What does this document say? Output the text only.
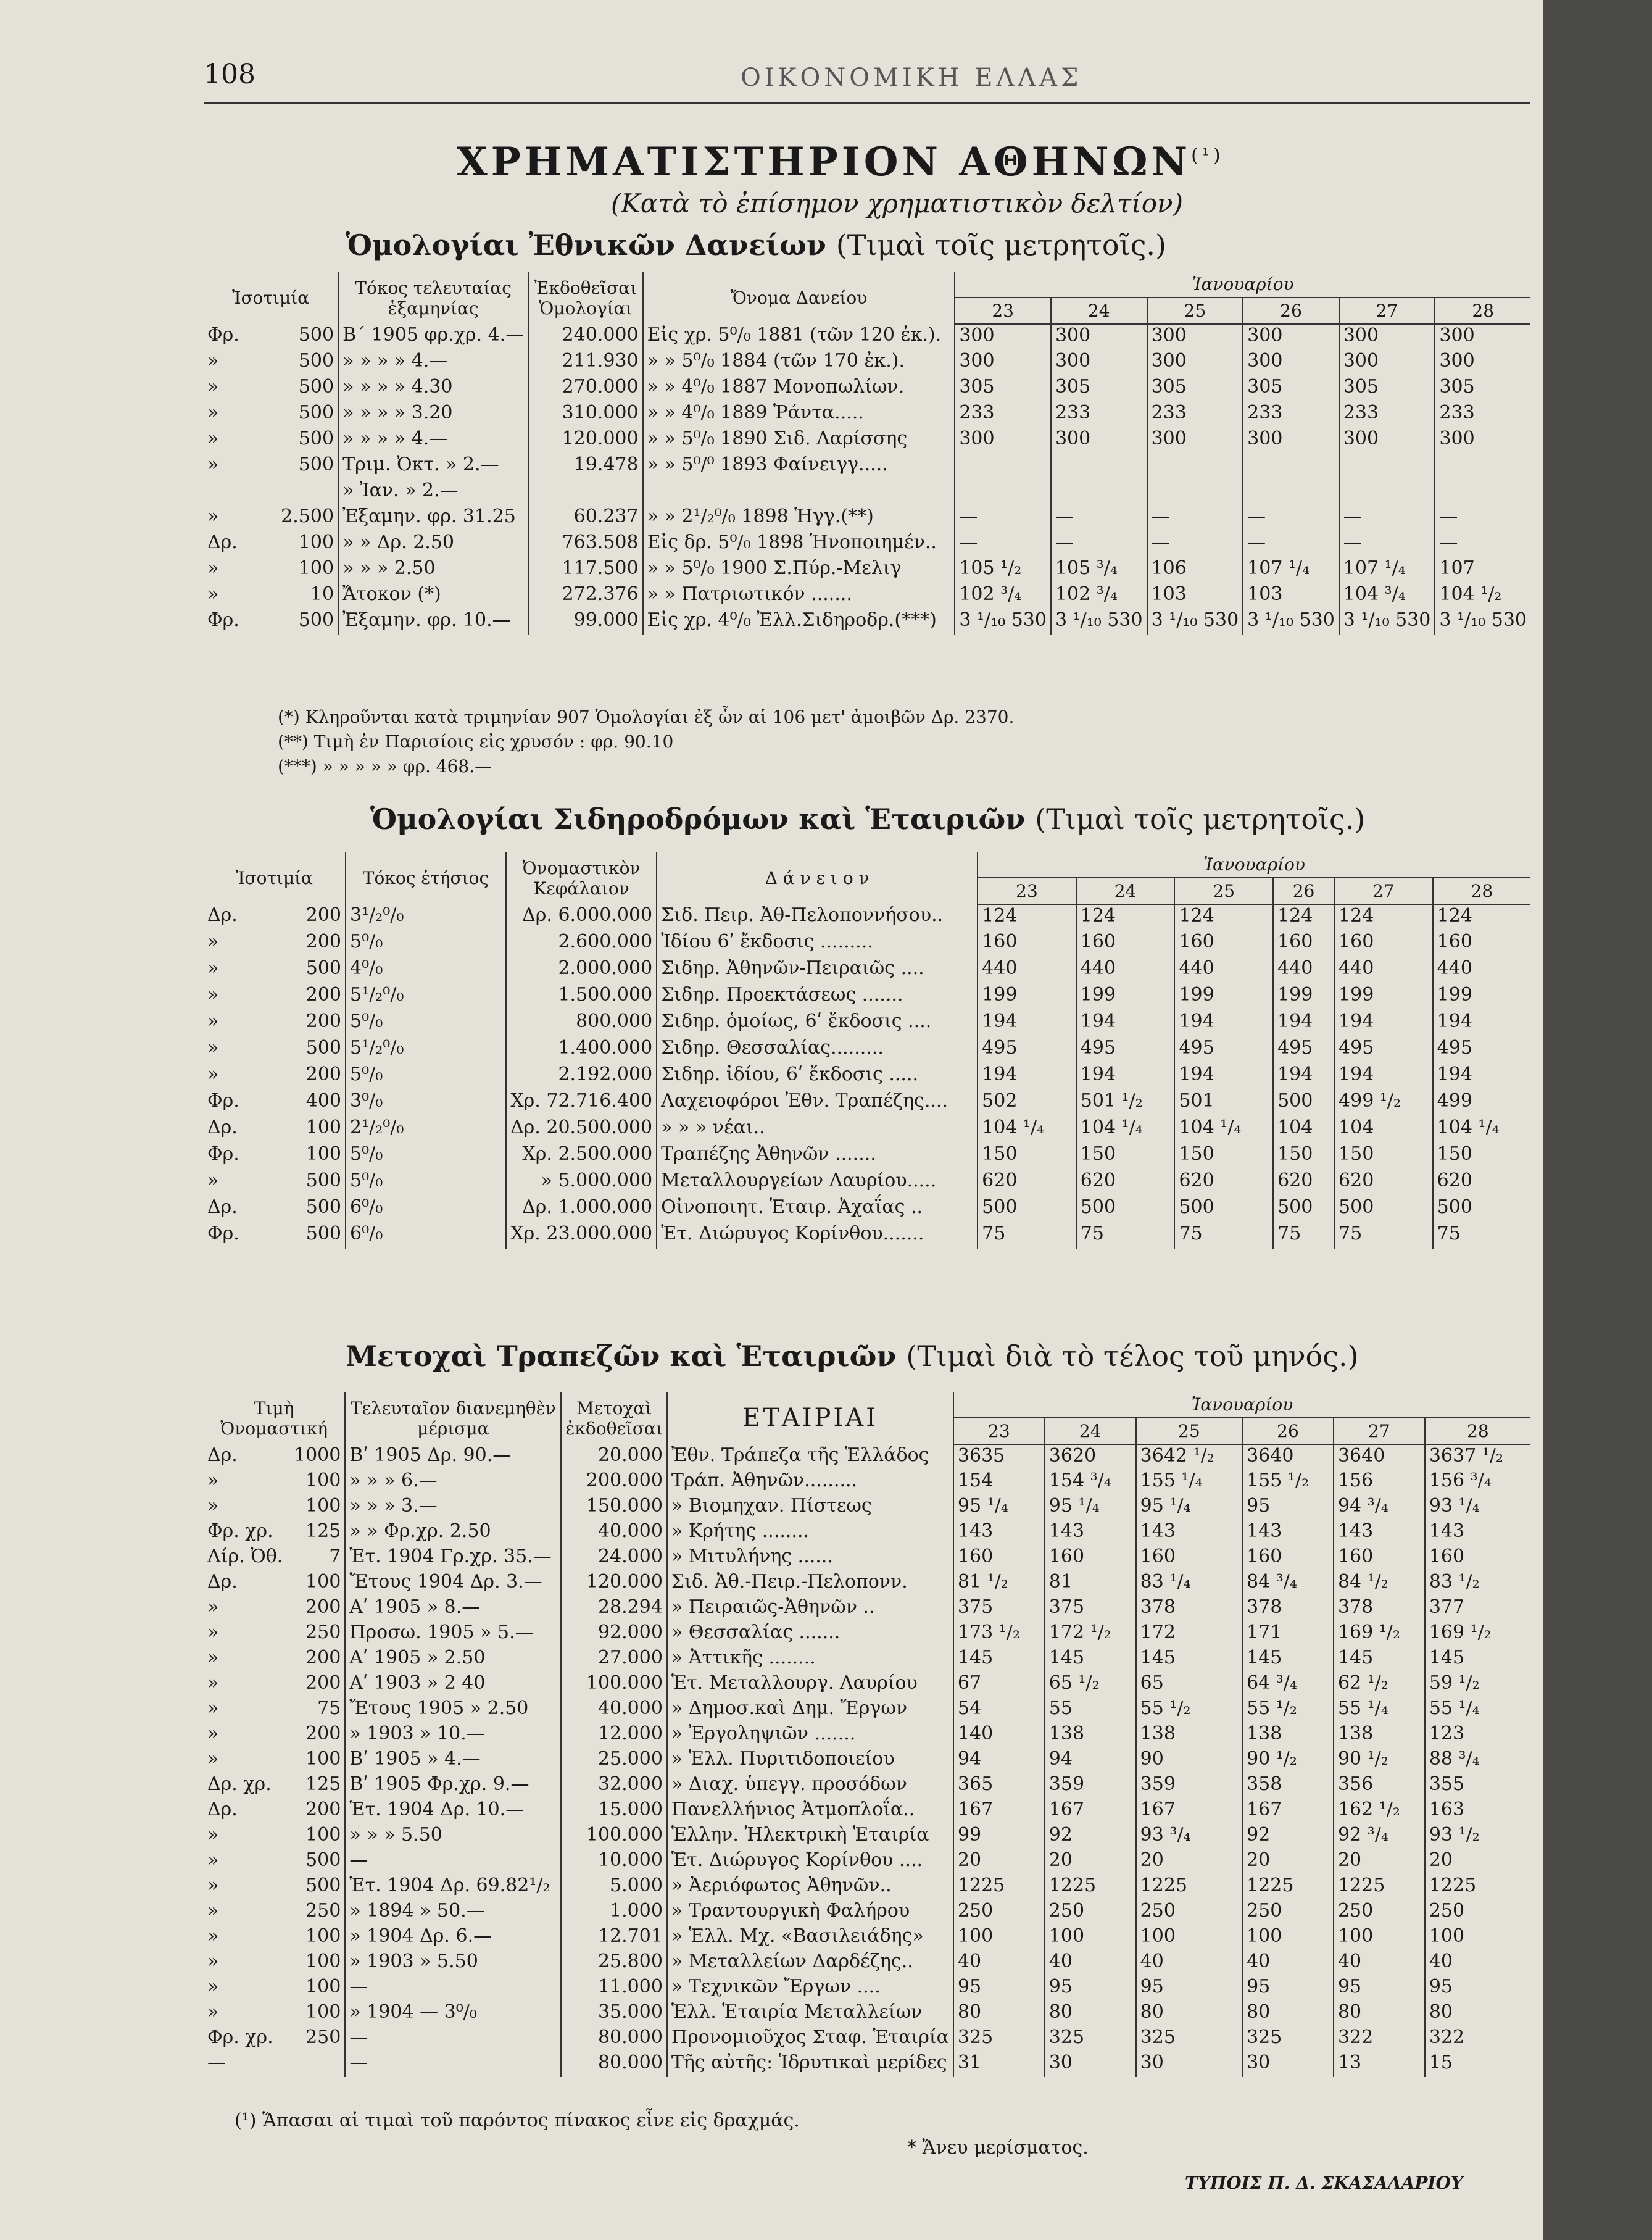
108	ΟΙΚΟΝΟΜΙΚΗ ΕΛΛΑΣ
ΧΡΗΜΑΤΙΣΤΗΡΙΟΝ $A\Theta HN\Omega N^{(^1)}$
(Κατὰ τὸ ἐπίσημον χρηματιστικὸν δελτίον)
Ὁμολογίαι Ἐθνικῶν Δανείων (Τιμαὶ τοῖς μετρητοῖς.)
Ἰσοτιμία		Τόκος τελευταίας ἑξαμηνίας	Ἐκδοθεῖσαι Ὁμολογίαι	Ὄνομα Δανείου	Ἰανουαρίου					
					23	24	25	26	27	28
Φρ.	500	Β΄ 1905 φρ.χρ. 4.—	240.000	Εἰς χρ. 5⁰/₀ 1881 (τῶν 120 ἐκ.).	300	300	300	300	300	300
»	500	» » » » 4.—	211.930	» » 5⁰/₀ 1884 (τῶν 170 ἐκ.).	300	300	300	300	300	300
»	500	» » » » 4.30	270.000	» » 4⁰/₀ 1887 Μονοπωλίων.	305	305	305	305	305	305
»	500	» » » » 3.20	310.000	» » 4⁰/₀ 1889 Ῥάντα.....	233	233	233	233	233	233
»	500	» » » » 4.—	120.000	» » 5⁰/₀ 1890 Σιδ. Λαρίσσης	300	300	300	300	300	300
»	500	Τριμ. Ὀκτ. » 2.—	19.478	» » 5⁰/⁰ 1893 Φαίνειγγ.....						
		» Ἰαν. » 2.—								
»	2.500	Ἐξαμην. φρ. 31.25	60.237	» » 2¹/₂⁰/₀ 1898 Ἡγγ.(**)	—	—	—	—	—	—
Δρ.	100	» » Δρ. 2.50	763.508	Εἰς δρ. 5⁰/₀ 1898 Ἡνοποιημέν..	—	—	—	—	—	—
»	100	» » » 2.50	117.500	» » 5⁰/₀ 1900 Σ.Πύρ.-Μελιγ	105 ¹/₂	105 ³/₄	106	107 ¹/₄	107 ¹/₄	107
»	10	Ἄτοκον (*)	272.376	» » Πατριωτικόν .......	102 ³/₄	102 ³/₄	103	103	104 ³/₄	104 ¹/₂
Φρ.	500	Ἐξαμην. φρ. 10.—	99.000	Εἰς χρ. 4⁰/₀ Ἐλλ.Σιδηροδρ.(***)	3 ¹/₁₀ 530	3 ¹/₁₀ 530	3 ¹/₁₀ 530	3 ¹/₁₀ 530	3 ¹/₁₀ 530	3 ¹/₁₀ 530
(*) Κληροῦνται κατὰ τριμηνίαν 907 Ὁμολογίαι ἐξ ὧν αἱ 106 μετ' ἀμοιβῶν Δρ. 2370.
(**) Τιμὴ ἐν Παρισίοις εἰς χρυσόν : φρ. 90.10
(***) » » » » » φρ. 468.—
Ὁμολογίαι Σιδηροδρόμων καὶ Ἑταιριῶν (Τιμαὶ τοῖς μετρητοῖς.)
Ἰσοτιμία		Τόκος ἐτήσιος	Ὀνομαστικὸν Κεφάλαιον	Δ ά ν ε ι ο ν	Ἰανουαρίου					
					23	24	25	26	27	28
Δρ.	200	3¹/₂⁰/₀	Δρ. 6.000.000	Σιδ. Πειρ. Ἀθ-Πελοποννήσου..	124	124	124	124	124	124
»	200	5⁰/₀	2.600.000	Ἰδίου 6ʹ ἔκδοσις .........	160	160	160	160	160	160
»	500	4⁰/₀	2.000.000	Σιδηρ. Ἀθηνῶν-Πειραιῶς ....	440	440	440	440	440	440
»	200	5¹/₂⁰/₀	1.500.000	Σιδηρ. Προεκτάσεως .......	199	199	199	199	199	199
»	200	5⁰/₀	800.000	Σιδηρ. ὁμοίως, 6ʹ ἔκδοσις ....	194	194	194	194	194	194
»	500	5¹/₂⁰/₀	1.400.000	Σιδηρ. Θεσσαλίας.........	495	495	495	495	495	495
»	200	5⁰/₀	2.192.000	Σιδηρ. ἰδίου, 6ʹ ἔκδοσις .....	194	194	194	194	194	194
Φρ.	400	3⁰/₀	Χρ. 72.716.400	Λαχειοφόροι Ἐθν. Τραπέζης....	502	501 ¹/₂	501	500	499 ¹/₂	499
Δρ.	100	2¹/₂⁰/₀	Δρ. 20.500.000	» » » νέαι..	104 ¹/₄	104 ¹/₄	104 ¹/₄	104	104	104 ¹/₄
Φρ.	100	5⁰/₀	Χρ. 2.500.000	Τραπέζης Ἀθηνῶν .......	150	150	150	150	150	150
»	500	5⁰/₀	» 5.000.000	Μεταλλουργείων Λαυρίου.....	620	620	620	620	620	620
Δρ.	500	6⁰/₀	Δρ. 1.000.000	Οἰνοποιητ. Ἑταιρ. Ἀχαΐας ..	500	500	500	500	500	500
Φρ.	500	6⁰/₀	Χρ. 23.000.000	Ἑτ. Διώρυγος Κορίνθου.......	75	75	75	75	75	75
Μετοχαὶ Τραπεζῶν καὶ Ἑταιριῶν (Τιμαὶ διὰ τὸ τέλος τοῦ μηνός.)
Τιμὴ Ὀνομαστική		Τελευταῖον διανεμηθὲν μέρισμα	Μετοχαὶ ἐκδοθεῖσαι	ΕΤΑΙΡΙΑΙ	Ἰανουαρίου					
					23	24	25	26	27	28
Δρ.	1000	Βʹ 1905 Δρ. 90.—	20.000	Ἐθν. Τράπεζα τῆς Ἑλλάδος	3635	3620	3642 ¹/₂	3640	3640	3637 ¹/₂
»	100	» » » 6.—	200.000	Τράπ. Ἀθηνῶν.........	154	154 ³/₄	155 ¹/₄	155 ¹/₂	156	156 ³/₄
»	100	» » » 3.—	150.000	» Βιομηχαν. Πίστεως	95 ¹/₄	95 ¹/₄	95 ¹/₄	95	94 ³/₄	93 ¹/₄
Φρ. χρ.	125	» » Φρ.χρ. 2.50	40.000	» Κρήτης ........	143	143	143	143	143	143
Λίρ. Ὀθ.	7	Ἑτ. 1904 Γρ.χρ. 35.—	24.000	» Μιτυλήνης ......	160	160	160	160	160	160
Δρ.	100	Ἔτους 1904 Δρ. 3.—	120.000	Σιδ. Ἀθ.-Πειρ.-Πελοπονν.	81 ¹/₂	81	83 ¹/₄	84 ³/₄	84 ¹/₂	83 ¹/₂
»	200	Αʹ 1905 » 8.—	28.294	» Πειραιῶς-Ἀθηνῶν ..	375	375	378	378	378	377
»	250	Προσω. 1905 » 5.—	92.000	» Θεσσαλίας .......	173 ¹/₂	172 ¹/₂	172	171	169 ¹/₂	169 ¹/₂
»	200	Αʹ 1905 » 2.50	27.000	» Ἀττικῆς ........	145	145	145	145	145	145
»	200	Αʹ 1903 » 2 40	100.000	Ἑτ. Μεταλλουργ. Λαυρίου	67	65 ¹/₂	65	64 ³/₄	62 ¹/₂	59 ¹/₂
»	75	Ἔτους 1905 » 2.50	40.000	» Δημοσ.καὶ Δημ. Ἔργων	54	55	55 ¹/₂	55 ¹/₂	55 ¹/₄	55 ¹/₄
»	200	» 1903 » 10.—	12.000	» Ἐργοληψιῶν .......	140	138	138	138	138	123
»	100	Βʹ 1905 » 4.—	25.000	» Ἑλλ. Πυριτιδοποιείου	94	94	90	90 ¹/₂	90 ¹/₂	88 ³/₄
Δρ. χρ.	125	Βʹ 1905 Φρ.χρ. 9.—	32.000	» Διαχ. ὑπεγγ. προσόδων	365	359	359	358	356	355
Δρ.	200	Ἑτ. 1904 Δρ. 10.—	15.000	Πανελλήνιος Ἀτμοπλοΐα..	167	167	167	167	162 ¹/₂	163
»	100	» » » 5.50	100.000	Ἑλλην. Ἠλεκτρικὴ Ἑταιρία	99	92	93 ³/₄	92	92 ³/₄	93 ¹/₂
»	500	—	10.000	Ἑτ. Διώρυγος Κορίνθου ....	20	20	20	20	20	20
»	500	Ἑτ. 1904 Δρ. 69.82¹/₂	5.000	» Ἀεριόφωτος Ἀθηνῶν..	1225	1225	1225	1225	1225	1225
»	250	» 1894 » 50.—	1.000	» Τραντουργικὴ Φαλήρου	250	250	250	250	250	250
»	100	» 1904 Δρ. 6.—	12.701	» Ἑλλ. Μχ. «Βασιλειάδης»	100	100	100	100	100	100
»	100	» 1903 » 5.50	25.800	» Μεταλλείων Δαρδέζης..	40	40	40	40	40	40
»	100	—	11.000	» Τεχνικῶν Ἔργων ....	95	95	95	95	95	95
»	100	» 1904 — 3⁰/₀	35.000	Ἑλλ. Ἑταιρία Μεταλλείων	80	80	80	80	80	80
Φρ. χρ.	250	—	80.000	Προνομιοῦχος Σταφ. Ἑταιρία	325	325	325	325	322	322
—		—	80.000	Τῆς αὐτῆς: Ἱδρυτικαὶ μερίδες	31	30	30	30	13	15
(¹) Ἅπασαι αἱ τιμαὶ τοῦ παρόντος πίνακος εἶνε εἰς δραχμάς.
* Ἄνευ μερίσματος.
ΤΥΠΟΙΣ Π. Δ. ΣΚΑΣΑΛΑΡΙΟΥ
